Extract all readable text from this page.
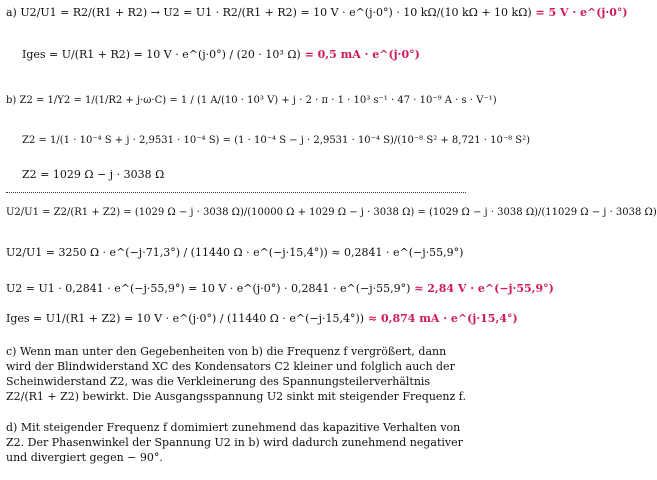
a) U2/U1 = R2/(R1 + R2) → U2 = U1 · R2/(R1 + R2) = 10 V · e^(j·0°) · 10 kΩ/(10 kΩ + 10 kΩ) = 5 V · e^(j·0°)
Iges = U/(R1 + R2) = 10 V · e^(j·0°) / (20 · 10³ Ω) = 0,5 mA · e^(j·0°)
b) Z2 = 1/Y2 = 1/(1/R2 + j·ω·C) = 1 / (1 A/(10 · 10³ V) + j · 2 · π · 1 · 10³ s⁻¹ · 47 · 10⁻⁹ A · s · V⁻¹)
Z2 = 1/(1 · 10⁻⁴ S + j · 2,9531 · 10⁻⁴ S) = (1 · 10⁻⁴ S − j · 2,9531 · 10⁻⁴ S)/(10⁻⁸ S² + 8,721 · 10⁻⁸ S²)
Z2 = 1029 Ω − j · 3038 Ω
U2/U1 = Z2/(R1 + Z2) = (1029 Ω − j · 3038 Ω)/(10000 Ω + 1029 Ω − j · 3038 Ω) = (1029 Ω − j · 3038 Ω)/(11029 Ω − j · 3038 Ω)
U2/U1 = 3250 Ω · e^(−j·71,3°) / (11440 Ω · e^(−j·15,4°)) ≈ 0,2841 · e^(−j·55,9°)
U2 = U1 · 0,2841 · e^(−j·55,9°) = 10 V · e^(j·0°) · 0,2841 · e^(−j·55,9°) ≈ 2,84 V · e^(−j·55,9°)
Iges = U1/(R1 + Z2) = 10 V · e^(j·0°) / (11440 Ω · e^(−j·15,4°)) ≈ 0,874 mA · e^(j·15,4°)
c) Wenn man unter den Gegebenheiten von b) die Frequenz f vergrößert, dann wird der Blindwiderstand XC des Kondensators C2 kleiner und folglich auch der Scheinwiderstand Z2, was die Verkleinerung des Spannungsteilerverhältnis Z2/(R1 + Z2) bewirkt. Die Ausgangsspannung U2 sinkt mit steigender Frequenz f.
d) Mit steigender Frequenz f domimiert zunehmend das kapazitive Verhalten von Z2. Der Phasenwinkel der Spannung U2 in b) wird dadurch zunehmend negativer und divergiert gegen − 90°.
